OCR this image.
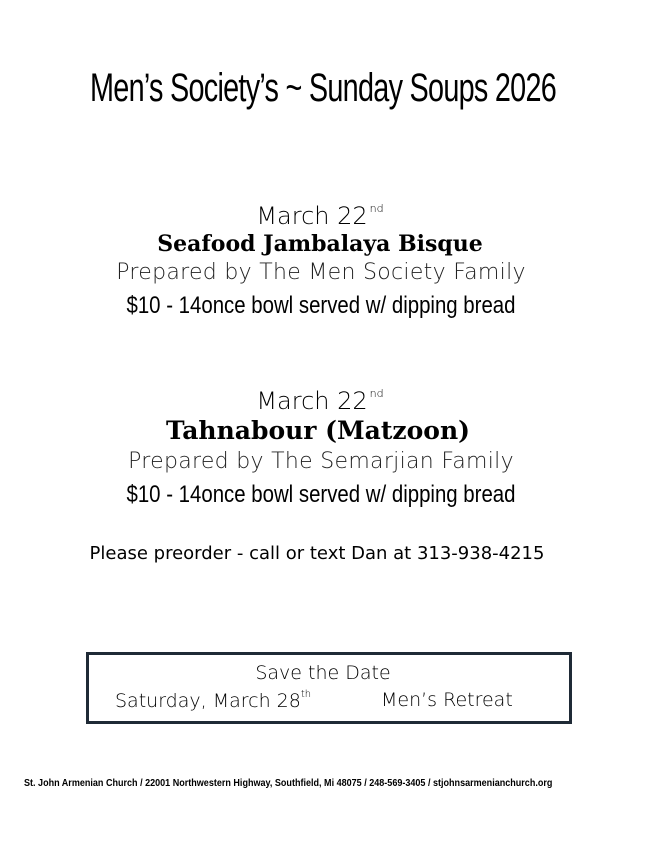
Men’s Society’s ~ Sunday Soups 2026
March 22 $^{nd}$
Seafood Jambalaya Bisque
Prepared by The Men Society Family
$10 - 14once bowl served w/ dipping bread
March 22 $^{nd}$
Tahnabour (Matzoon)
Prepared by The Semarjian Family
$10 - 14once bowl served w/ dipping bread
Please preorder - call or text Dan at 313-938-4215
Save the Date
Saturday, March 28th	Men’s Retreat
St. John Armenian Church / 22001 Northwestern Highway, Southfield, Mi 48075 / 248-569-3405 / stjohnsarmenianchurch.org
